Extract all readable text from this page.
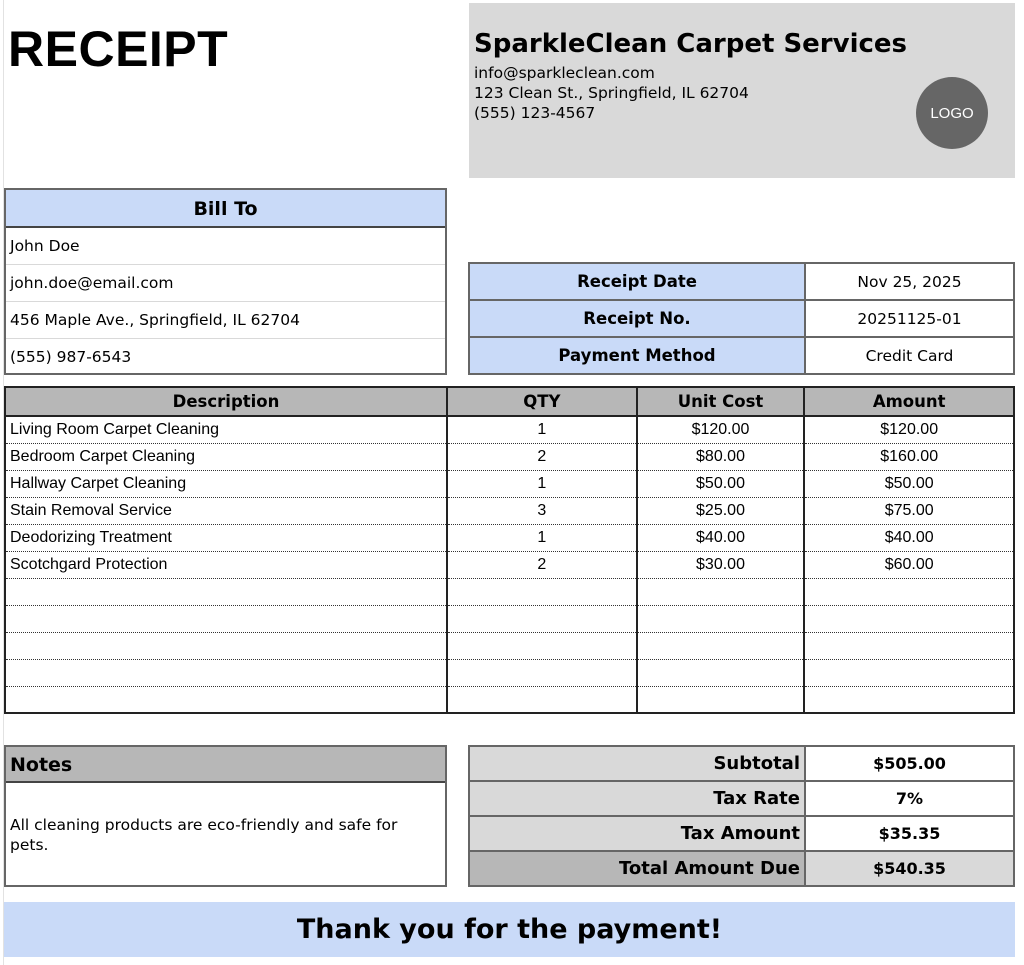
RECEIPT	SparkleClean Carpet Services
info@sparkleclean.com
123 Clean St., Springfield, IL 62704
(555) 123-4567	LOGO
Bill To
John Doe
john.doe@email.com
456 Maple Ave., Springfield, IL 62704
(555) 987-6543
Receipt Date	Nov 25, 2025
Receipt No.	20251125-01
Payment Method	Credit Card
Description	QTY	Unit Cost	Amount
Living Room Carpet Cleaning	1	$120.00	$120.00
Bedroom Carpet Cleaning	2	$80.00	$160.00
Hallway Carpet Cleaning	1	$50.00	$50.00
Stain Removal Service	3	$25.00	$75.00
Deodorizing Treatment	1	$40.00	$40.00
Scotchgard Protection	2	$30.00	$60.00

Notes
All cleaning products are eco-friendly and safe for pets.
Subtotal	$505.00
Tax Rate	7%
Tax Amount	$35.35
Total Amount Due	$540.35
Thank you for the payment!
